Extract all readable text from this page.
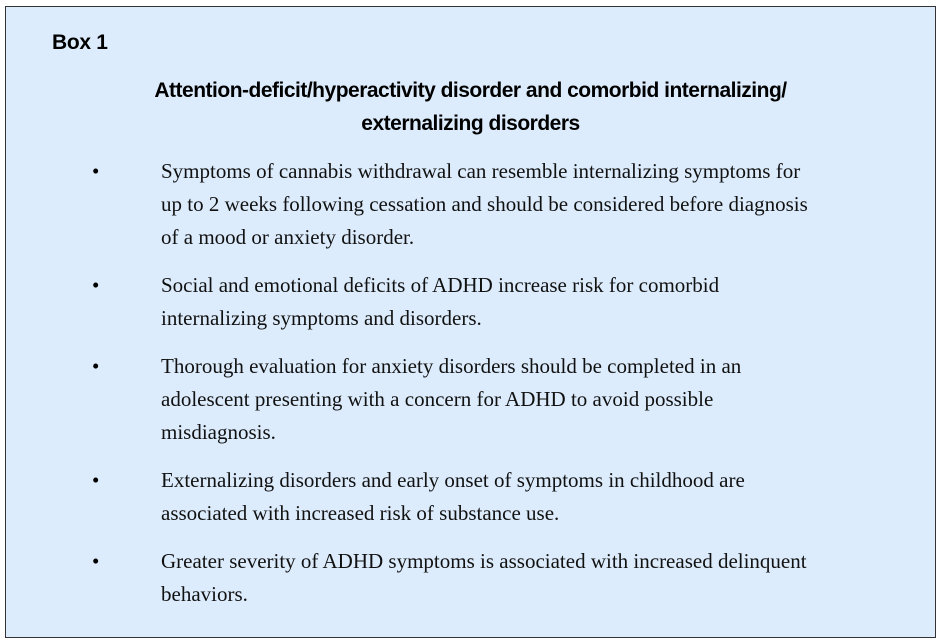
Box 1
Attention-deficit/hyperactivity disorder and comorbid internalizing/
externalizing disorders
•	Symptoms of cannabis withdrawal can resemble internalizing symptoms for
up to 2 weeks following cessation and should be considered before diagnosis
of a mood or anxiety disorder.
•	Social and emotional deficits of ADHD increase risk for comorbid
internalizing symptoms and disorders.
•	Thorough evaluation for anxiety disorders should be completed in an
adolescent presenting with a concern for ADHD to avoid possible
misdiagnosis.
•	Externalizing disorders and early onset of symptoms in childhood are
associated with increased risk of substance use.
•	Greater severity of ADHD symptoms is associated with increased delinquent
behaviors.
